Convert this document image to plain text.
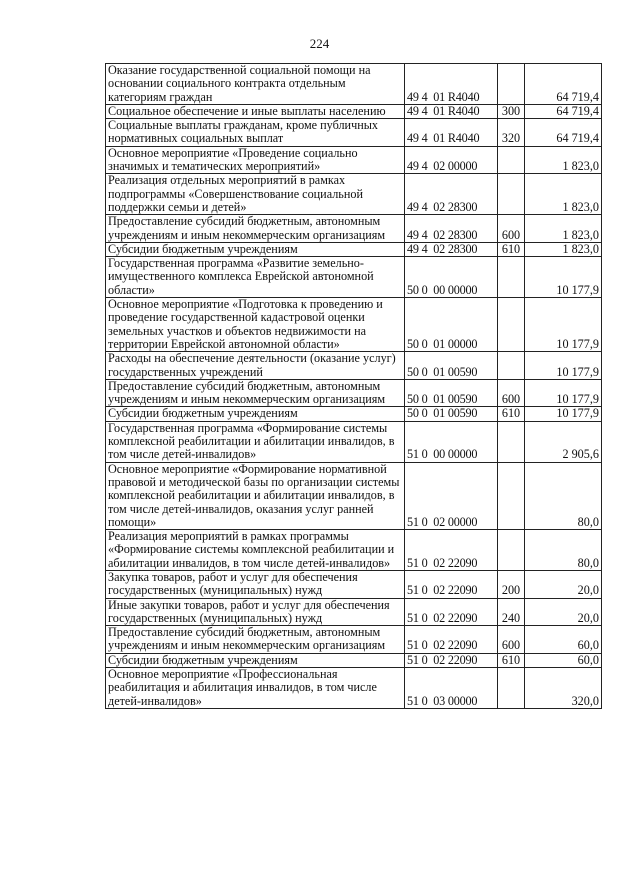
224
Оказание государственной социальной помощи на основании социального контракта отдельным категориям граждан	49 4  01 R4040		64 719,4
Социальное обеспечение и иные выплаты населению	49 4  01 R4040	300	64 719,4
Социальные выплаты гражданам, кроме публичных нормативных социальных выплат	49 4  01 R4040	320	64 719,4
Основное мероприятие «Проведение социально значимых и тематических мероприятий»	49 4  02 00000		1 823,0
Реализация отдельных мероприятий в рамках подпрограммы «Совершенствование социальной поддержки семьи и детей»	49 4  02 28300		1 823,0
Предоставление субсидий бюджетным, автономным учреждениям и иным некоммерческим организациям	49 4  02 28300	600	1 823,0
Субсидии бюджетным учреждениям	49 4  02 28300	610	1 823,0
Государственная программа «Развитие земельно-имущественного комплекса Еврейской автономной области»	50 0  00 00000		10 177,9
Основное мероприятие «Подготовка к проведению и проведение государственной кадастровой оценки земельных участков и объектов недвижимости на территории Еврейской автономной области»	50 0  01 00000		10 177,9
Расходы на обеспечение деятельности (оказание услуг) государственных учреждений	50 0  01 00590		10 177,9
Предоставление субсидий бюджетным, автономным учреждениям и иным некоммерческим организациям	50 0  01 00590	600	10 177,9
Субсидии бюджетным учреждениям	50 0  01 00590	610	10 177,9
Государственная программа «Формирование системы комплексной реабилитации и абилитации инвалидов, в том числе детей-инвалидов»	51 0  00 00000		2 905,6
Основное мероприятие «Формирование нормативной правовой и методической базы по организации системы комплексной реабилитации и абилитации инвалидов, в том числе детей-инвалидов, оказания услуг ранней помощи»	51 0  02 00000		80,0
Реализация мероприятий в рамках программы «Формирование системы комплексной реабилитации и абилитации инвалидов, в том числе детей-инвалидов»	51 0  02 22090		80,0
Закупка товаров, работ и услуг для обеспечения государственных (муниципальных) нужд	51 0  02 22090	200	20,0
Иные закупки товаров, работ и услуг для обеспечения государственных (муниципальных) нужд	51 0  02 22090	240	20,0
Предоставление субсидий бюджетным, автономным учреждениям и иным некоммерческим организациям	51 0  02 22090	600	60,0
Субсидии бюджетным учреждениям	51 0  02 22090	610	60,0
Основное мероприятие «Профессиональная реабилитация и абилитация инвалидов, в том числе детей-инвалидов»	51 0  03 00000		320,0
